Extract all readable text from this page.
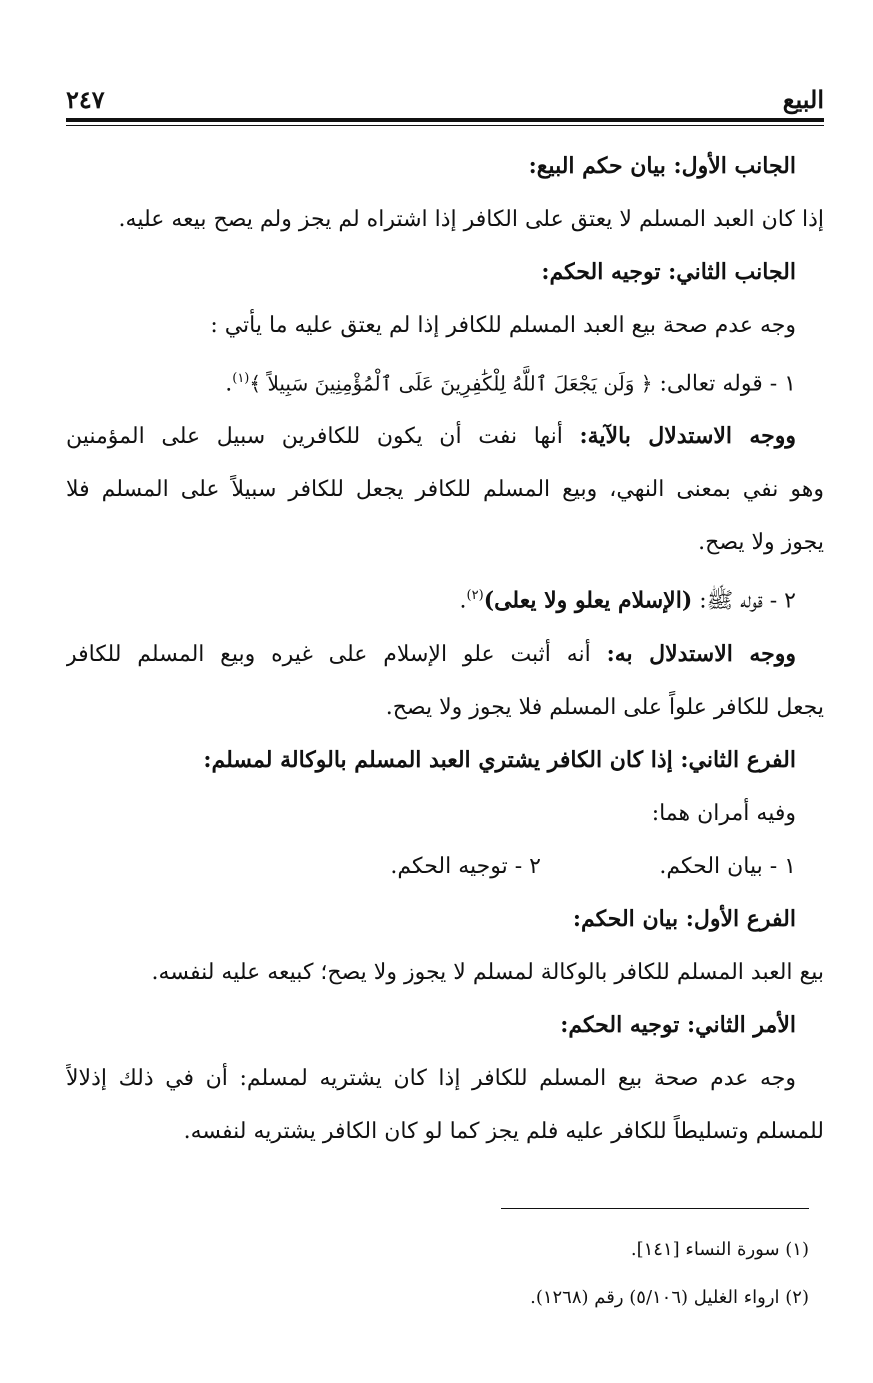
البيع
٢٤٧
الجانب الأول: بيان حكم البيع:
إذا كان العبد المسلم لا يعتق على الكافر إذا اشتراه لم يجز ولم يصح بيعه عليه.
الجانب الثاني: توجيه الحكم:
وجه عدم صحة بيع العبد المسلم للكافر إذا لم يعتق عليه ما يأتي :
١ - قوله تعالى: ﴿ وَلَن يَجْعَلَ ٱللَّهُ لِلْكَٰفِرِينَ عَلَى ٱلْمُؤْمِنِينَ سَبِيلاً ﴾$^{(١)}$.
ووجه الاستدلال بالآية: أنها نفت أن يكون للكافرين سبيل على المؤمنين
وهو نفي بمعنى النهي، وبيع المسلم للكافر يجعل للكافر سبيلاً على المسلم فلا
يجوز ولا يصح.
٢ - قوله ﷺ: (الإسلام يعلو ولا يعلى)$^{(٢)}$.
ووجه الاستدلال به: أنه أثبت علو الإسلام على غيره وبيع المسلم للكافر
يجعل للكافر علواً على المسلم فلا يجوز ولا يصح.
الفرع الثاني: إذا كان الكافر يشتري العبد المسلم بالوكالة لمسلم:
وفيه أمران هما:
١ - بيان الحكم.
٢ - توجيه الحكم.
الفرع الأول: بيان الحكم:
بيع العبد المسلم للكافر بالوكالة لمسلم لا يجوز ولا يصح؛ كبيعه عليه لنفسه.
الأمر الثاني: توجيه الحكم:
وجه عدم صحة بيع المسلم للكافر إذا كان يشتريه لمسلم: أن في ذلك إذلالاً
للمسلم وتسليطاً للكافر عليه فلم يجز كما لو كان الكافر يشتريه لنفسه.
(١) سورة النساء [١٤١].
(٢) ارواء الغليل (٥/١٠٦) رقم (١٢٦٨).
